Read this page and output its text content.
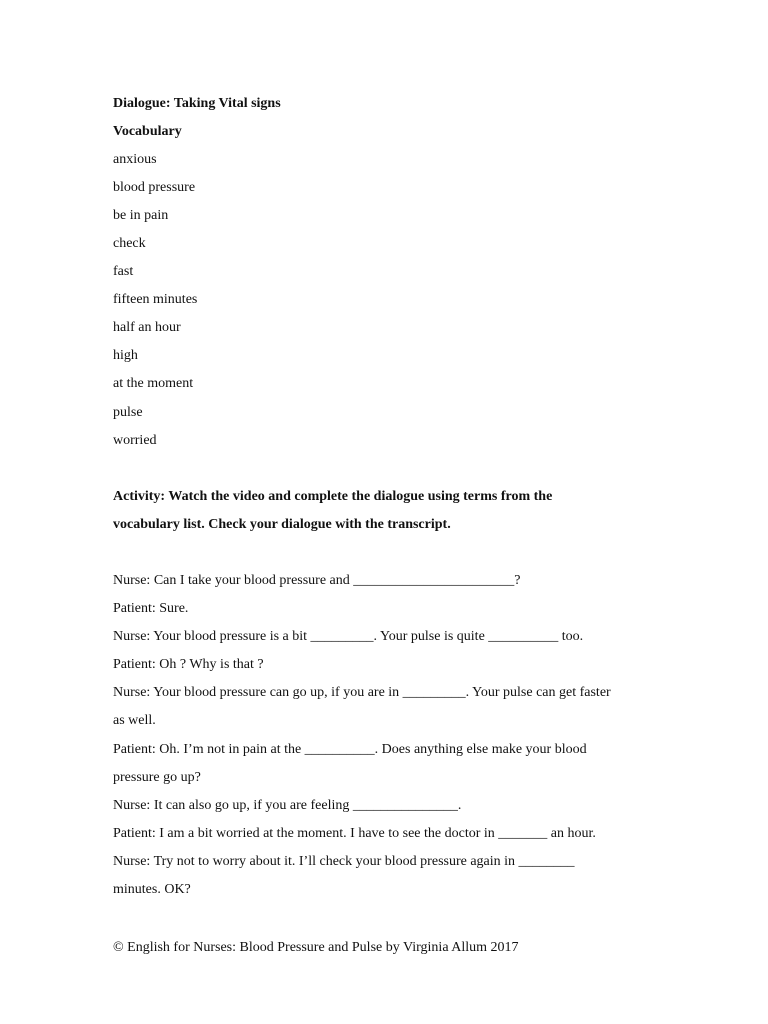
Dialogue: Taking Vital signs
Vocabulary
anxious
blood pressure
be in pain
check
fast
fifteen minutes
half an hour
high
at the moment
pulse
worried
Activity: Watch the video and complete the dialogue using terms from the
vocabulary list. Check your dialogue with the transcript.
Nurse: Can I take your blood pressure and _______________________?
Patient: Sure.
Nurse: Your blood pressure is a bit _________. Your pulse is quite __________ too.
Patient: Oh ? Why is that ?
Nurse: Your blood pressure can go up, if you are in _________. Your pulse can get faster
as well.
Patient: Oh. I’m not in pain at the __________. Does anything else make your blood
pressure go up?
Nurse: It can also go up, if you are feeling _______________.
Patient: I am a bit worried at the moment. I have to see the doctor in _______ an hour.
Nurse: Try not to worry about it. I’ll check your blood pressure again in ________
minutes. OK?
© English for Nurses: Blood Pressure and Pulse by Virginia Allum 2017
